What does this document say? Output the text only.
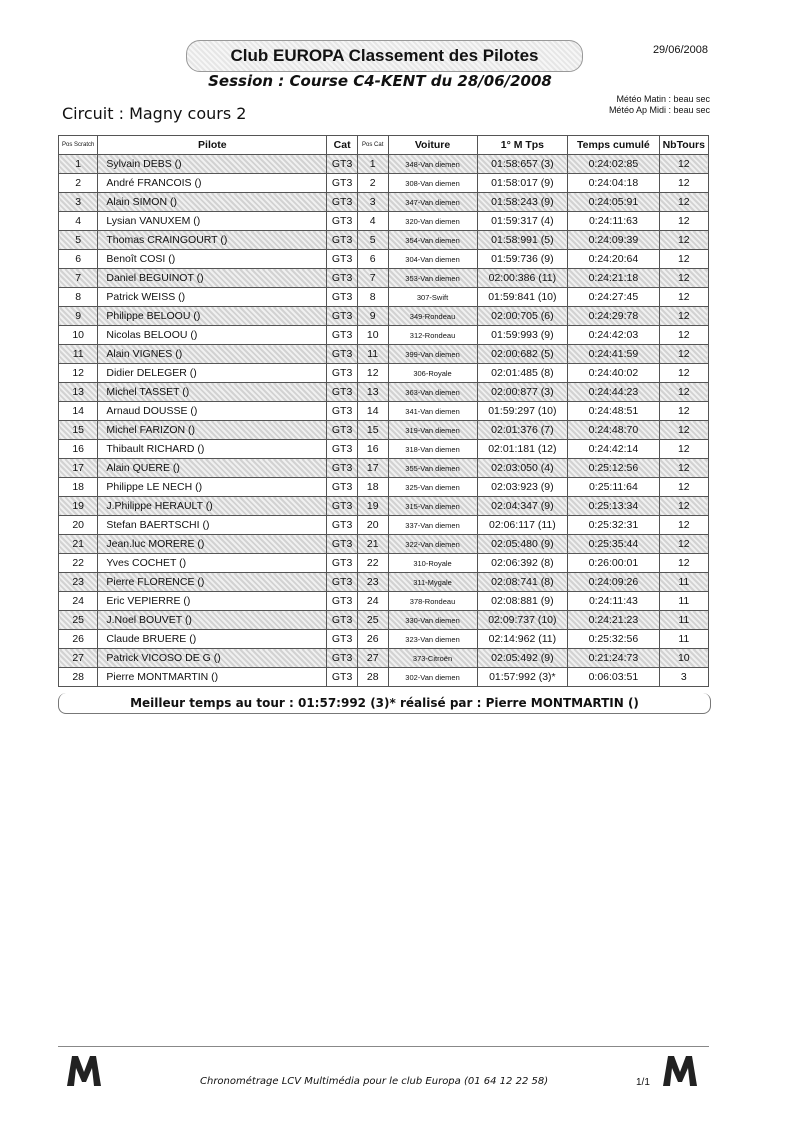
29/06/2008
Club EUROPA Classement des Pilotes
Session : Course C4-KENT du 28/06/2008
Circuit : Magny cours 2
Météo Matin : beau sec
Météo Ap Midi : beau sec
Pos Scratch	Pilote	Cat	Pos Cat	Voiture	1° M Tps	Temps cumulé	NbTours
1	Sylvain DEBS ()	GT3	1	348-Van diemen	01:58:657 (3)	0:24:02:85	12
2	André FRANCOIS ()	GT3	2	308-Van diemen	01:58:017 (9)	0:24:04:18	12
3	Alain SIMON ()	GT3	3	347-Van diemen	01:58:243 (9)	0:24:05:91	12
4	Lysian VANUXEM ()	GT3	4	320-Van diemen	01:59:317 (4)	0:24:11:63	12
5	Thomas CRAINGOURT ()	GT3	5	354-Van diemen	01:58:991 (5)	0:24:09:39	12
6	Benoît COSI ()	GT3	6	304-Van diemen	01:59:736 (9)	0:24:20:64	12
7	Daniel BEGUINOT ()	GT3	7	353-Van diemen	02:00:386 (11)	0:24:21:18	12
8	Patrick WEISS ()	GT3	8	307-Swift	01:59:841 (10)	0:24:27:45	12
9	Philippe BELOOU ()	GT3	9	349-Rondeau	02:00:705 (6)	0:24:29:78	12
10	Nicolas BELOOU ()	GT3	10	312-Rondeau	01:59:993 (9)	0:24:42:03	12
11	Alain VIGNES ()	GT3	11	399-Van diemen	02:00:682 (5)	0:24:41:59	12
12	Didier DELEGER ()	GT3	12	306-Royale	02:01:485 (8)	0:24:40:02	12
13	Michel TASSET ()	GT3	13	363-Van diemen	02:00:877 (3)	0:24:44:23	12
14	Arnaud DOUSSE ()	GT3	14	341-Van diemen	01:59:297 (10)	0:24:48:51	12
15	Michel FARIZON ()	GT3	15	319-Van diemen	02:01:376 (7)	0:24:48:70	12
16	Thibault RICHARD ()	GT3	16	318-Van diemen	02:01:181 (12)	0:24:42:14	12
17	Alain QUERE ()	GT3	17	355-Van diemen	02:03:050 (4)	0:25:12:56	12
18	Philippe LE NECH ()	GT3	18	325-Van diemen	02:03:923 (9)	0:25:11:64	12
19	J.Philippe HERAULT ()	GT3	19	315-Van diemen	02:04:347 (9)	0:25:13:34	12
20	Stefan BAERTSCHI ()	GT3	20	337-Van diemen	02:06:117 (11)	0:25:32:31	12
21	Jean.luc MORERE ()	GT3	21	322-Van diemen	02:05:480 (9)	0:25:35:44	12
22	Yves COCHET ()	GT3	22	310-Royale	02:06:392 (8)	0:26:00:01	12
23	Pierre FLORENCE ()	GT3	23	311-Mygale	02:08:741 (8)	0:24:09:26	11
24	Eric VEPIERRE ()	GT3	24	378-Rondeau	02:08:881 (9)	0:24:11:43	11
25	J.Noel BOUVET ()	GT3	25	330-Van diemen	02:09:737 (10)	0:24:21:23	11
26	Claude BRUERE ()	GT3	26	323-Van diemen	02:14:962 (11)	0:25:32:56	11
27	Patrick VICOSO DE G ()	GT3	27	373-Citroën	02:05:492 (9)	0:21:24:73	10
28	Pierre MONTMARTIN ()	GT3	28	302-Van diemen	01:57:992 (3)*	0:06:03:51	3
Meilleur temps au tour : 01:57:992 (3)* réalisé par : Pierre MONTMARTIN ()
Chronométrage LCV Multimédia pour le club Europa (01 64 12 22 58)	1/1
